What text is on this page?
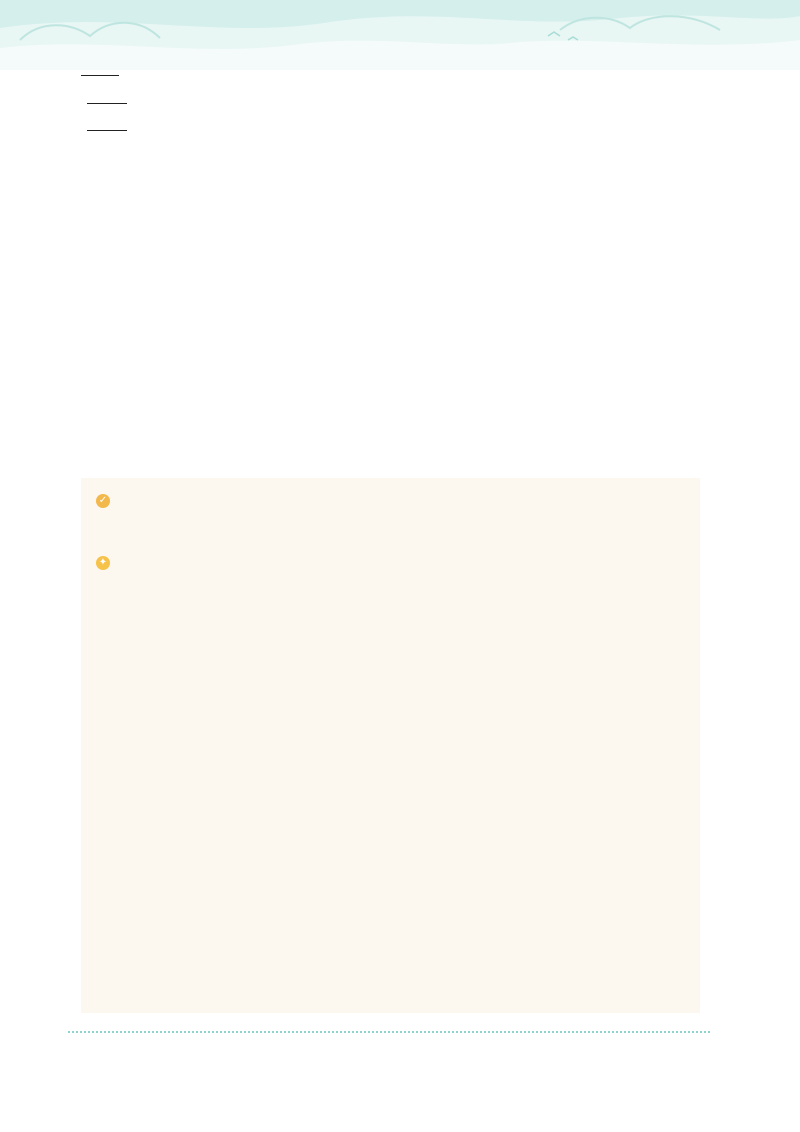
✓
✦
